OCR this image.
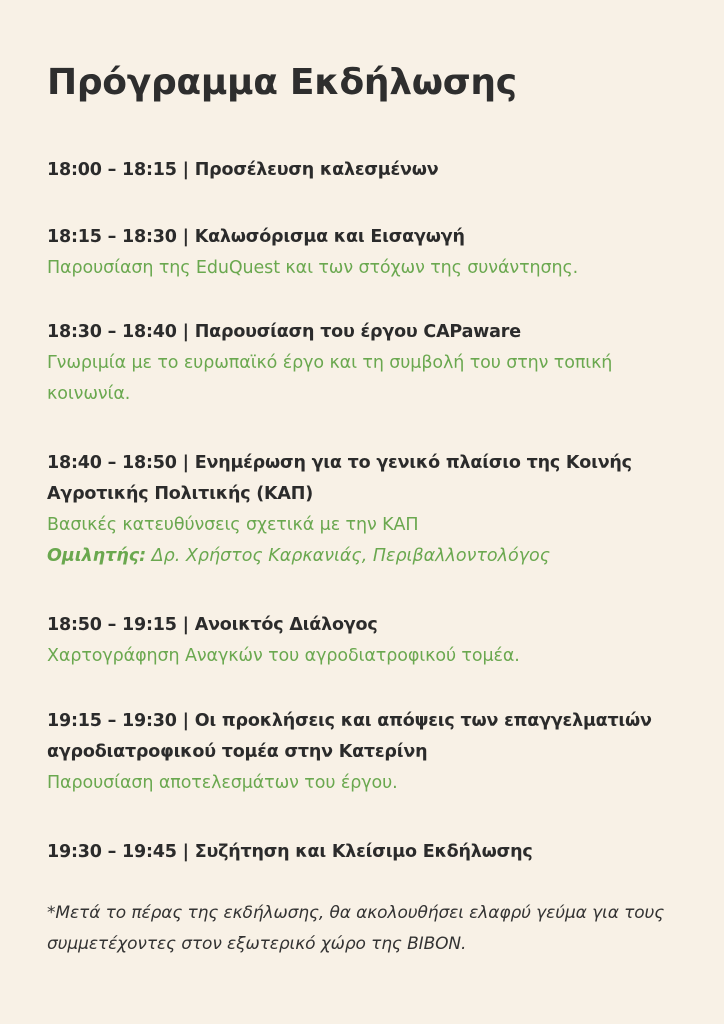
Πρόγραμμα Εκδήλωσης
18:00 – 18:15 | Προσέλευση καλεσμένων
18:15 – 18:30 | Καλωσόρισμα και Εισαγωγή
Παρουσίαση της EduQuest και των στόχων της συνάντησης.
18:30 – 18:40 | Παρουσίαση του έργου CAPaware
Γνωριμία με το ευρωπαϊκό έργο και τη συμβολή του στην τοπική κοινωνία.
18:40 – 18:50 | Ενημέρωση για το γενικό πλαίσιο της Κοινής Αγροτικής Πολιτικής (ΚΑΠ)
Βασικές κατευθύνσεις σχετικά με την ΚΑΠ
Ομιλητής: Δρ. Χρήστος Καρκανιάς, Περιβαλλοντολόγος
18:50 – 19:15 | Ανοικτός Διάλογος
Χαρτογράφηση Αναγκών του αγροδιατροφικού τομέα.
19:15 – 19:30 | Οι προκλήσεις και απόψεις των επαγγελματιών αγροδιατροφικού τομέα στην Κατερίνη
Παρουσίαση αποτελεσμάτων του έργου.
19:30 – 19:45 | Συζήτηση και Κλείσιμο Εκδήλωσης
*Μετά το πέρας της εκδήλωσης, θα ακολουθήσει ελαφρύ γεύμα για τους συμμετέχοντες στον εξωτερικό χώρο της BIBON.
